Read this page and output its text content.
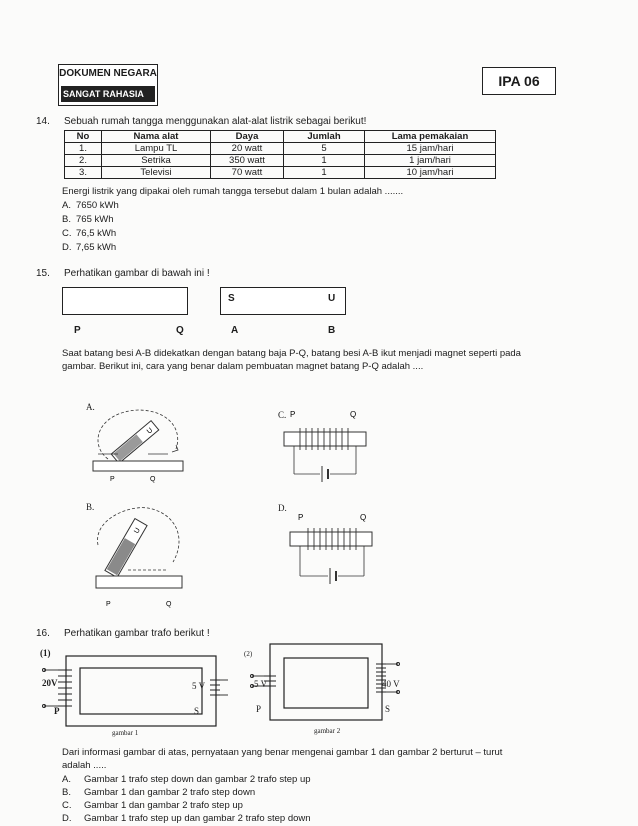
DOKUMEN NEGARA
SANGAT RAHASIA
IPA 06
14. Sebuah rumah tangga menggunakan alat-alat listrik sebagai berikut!
No	Nama alat	Daya	Jumlah	Lama pemakaian
1.	Lampu TL	20 watt	5	15 jam/hari
2.	Setrika	350 watt	1	1 jam/hari
3.	Televisi	70 watt	1	10 jam/hari
Energi listrik yang dipakai oleh rumah tangga tersebut dalam 1 bulan adalah .......
A. 7650 kWh
B. 765 kWh
C. 76,5 kWh
D. 7,65 kWh
15. Perhatikan gambar di bawah ini !
S	U
P	Q	A	B
Saat batang besi A-B didekatkan dengan batang baja P-Q, batang besi A-B ikut menjadi magnet seperti pada
gambar. Berikut ini, cara yang benar dalam pembuatan magnet batang P-Q adalah ....
A.
U
P	Q
B.
U
P	Q
C. P	Q
D.
P	Q
16. Perhatikan gambar trafo berikut !
(1)
20V	5 V
P	S
gambar 1
(2)
5 V	40 V
P	S
gambar 2
Dari informasi gambar di atas, pernyataan yang benar mengenai gambar 1 dan gambar 2 berturut – turut
adalah .....
A. Gambar 1 trafo step down dan gambar 2 trafo step up
B. Gambar 1 dan gambar 2 trafo step down
C. Gambar 1 dan gambar 2 trafo step up
D. Gambar 1 trafo step up dan gambar 2 trafo step down
